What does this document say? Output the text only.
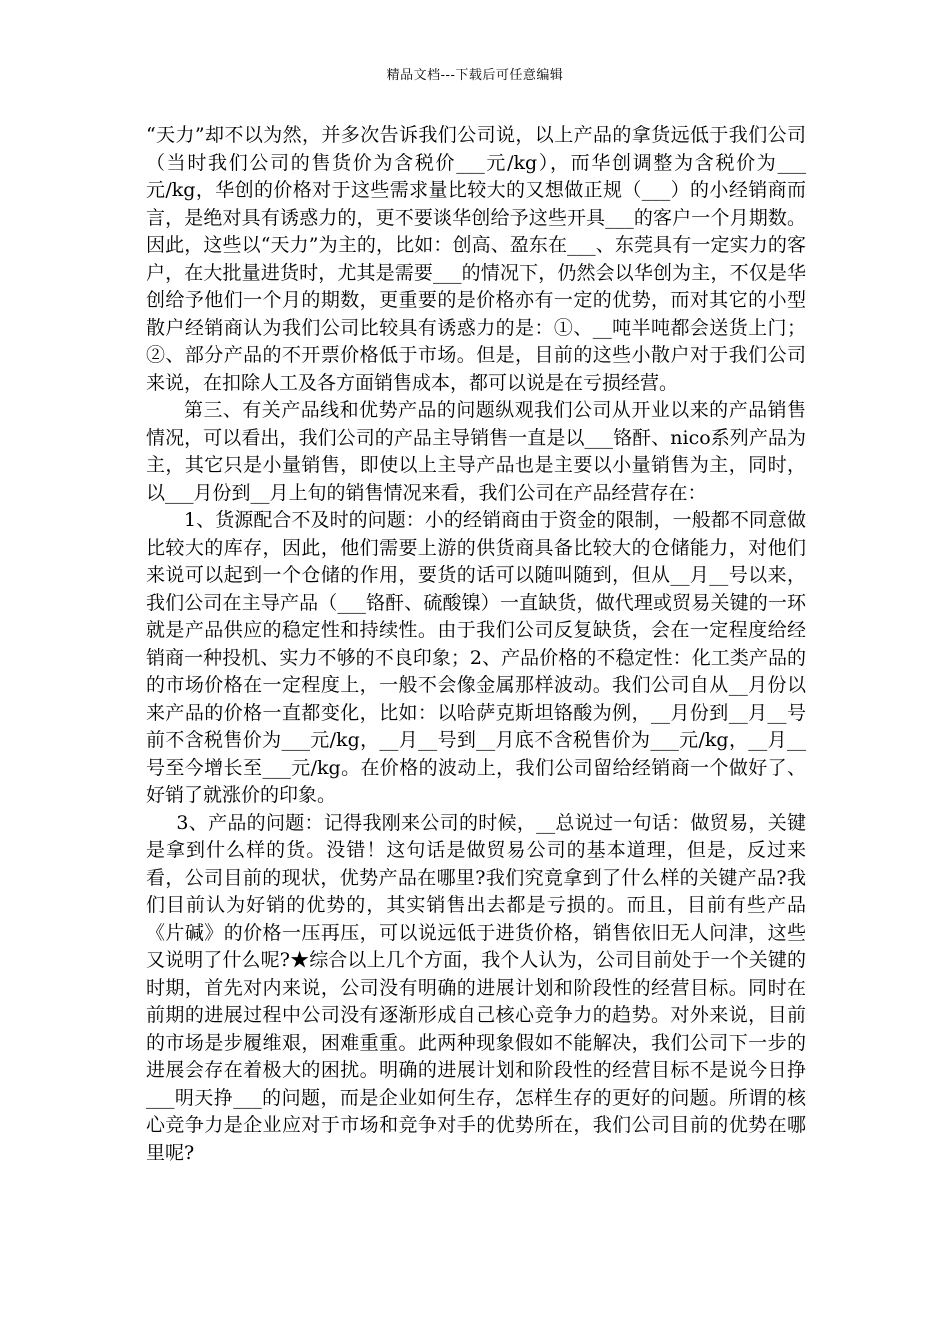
精品文档---下载后可任意编辑

“天力”却不以为然，并多次告诉我们公司说，以上产品的拿货远低于我们公司（当时我们公司的售货价为含税价___元/kg），而华创调整为含税价为___元/kg，华创的价格对于这些需求量比较大的又想做正规（___）的小经销商而言，是绝对具有诱惑力的，更不要谈华创给予这些开具___的客户一个月期数。因此，这些以“天力”为主的，比如：创高、盈东在___、东莞具有一定实力的客户，在大批量进货时，尤其是需要___的情况下，仍然会以华创为主，不仅是华创给予他们一个月的期数，更重要的是价格亦有一定的优势，而对其它的小型散户经销商认为我们公司比较具有诱惑力的是：①、__吨半吨都会送货上门；②、部分产品的不开票价格低于市场。但是，目前的这些小散户对于我们公司来说，在扣除人工及各方面销售成本，都可以说是在亏损经营。

第三、有关产品线和优势产品的问题纵观我们公司从开业以来的产品销售情况，可以看出，我们公司的产品主导销售一直是以___铬酐、nico系列产品为主，其它只是小量销售，即使以上主导产品也是主要以小量销售为主，同时，以___月份到__月上旬的销售情况来看，我们公司在产品经营存在：

1、货源配合不及时的问题：小的经销商由于资金的限制，一般都不同意做比较大的库存，因此，他们需要上游的供货商具备比较大的仓储能力，对他们来说可以起到一个仓储的作用，要货的话可以随叫随到，但从__月__号以来，我们公司在主导产品（___铬酐、硫酸镍）一直缺货，做代理或贸易关键的一环就是产品供应的稳定性和持续性。由于我们公司反复缺货，会在一定程度给经销商一种投机、实力不够的不良印象；2、产品价格的不稳定性：化工类产品的的市场价格在一定程度上，一般不会像金属那样波动。我们公司自从__月份以来产品的价格一直都变化，比如：以哈萨克斯坦铬酸为例，__月份到__月__号前不含税售价为___元/kg，__月__号到__月底不含税售价为___元/kg，__月__号至今增长至___元/kg。在价格的波动上，我们公司留给经销商一个做好了、好销了就涨价的印象。

3、产品的问题：记得我刚来公司的时候，__总说过一句话：做贸易，关键是拿到什么样的货。没错！这句话是做贸易公司的基本道理，但是，反过来看，公司目前的现状，优势产品在哪里?我们究竟拿到了什么样的关键产品?我们目前认为好销的优势的，其实销售出去都是亏损的。而且，目前有些产品《片碱》的价格一压再压，可以说远低于进货价格，销售依旧无人问津，这些又说明了什么呢?★综合以上几个方面，我个人认为，公司目前处于一个关键的时期，首先对内来说，公司没有明确的进展计划和阶段性的经营目标。同时在前期的进展过程中公司没有逐渐形成自己核心竞争力的趋势。对外来说，目前的市场是步履维艰，困难重重。此两种现象假如不能解决，我们公司下一步的进展会存在着极大的困扰。明确的进展计划和阶段性的经营目标不是说今日挣___明天挣___的问题，而是企业如何生存，怎样生存的更好的问题。所谓的核心竞争力是企业应对于市场和竞争对手的优势所在，我们公司目前的优势在哪里呢?
